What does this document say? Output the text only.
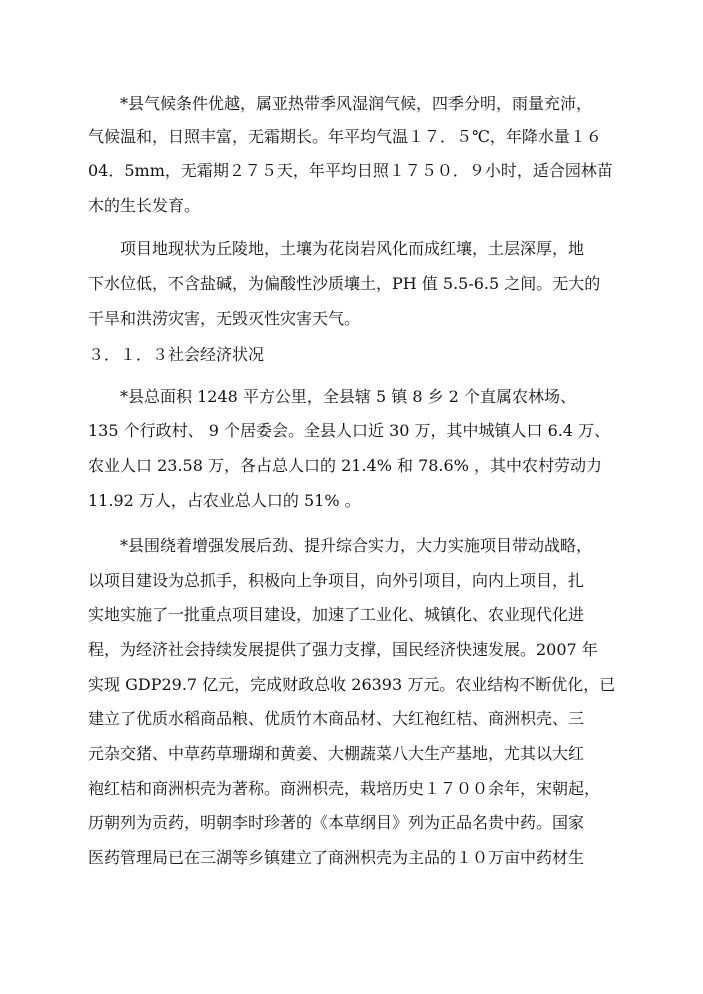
*县气候条件优越，属亚热带季风湿润气候，四季分明，雨量充沛，
气候温和，日照丰富，无霜期长。年平均气温１７．５℃，年降水量１６
04．5mm，无霜期２７５天，年平均日照１７５０．９小时，适合园林苗
木的生长发育。
项目地现状为丘陵地，土壤为花岗岩风化而成红壤，土层深厚，地
下水位低，不含盐碱，为偏酸性沙质壤土，PH 值 5.5-6.5 之间。无大的
干旱和洪涝灾害，无毁灭性灾害天气。
３．１．３社会经济状况
*县总面积 1248 平方公里，全县辖 5 镇 8 乡 2 个直属农林场、
135 个行政村、 9 个居委会。全县人口近 30 万，其中城镇人口 6.4 万、
农业人口 23.58 万，各占总人口的 21.4% 和 78.6% ，其中农村劳动力
11.92 万人，占农业总人口的 51% 。
*县围绕着增强发展后劲、提升综合实力，大力实施项目带动战略，
以项目建设为总抓手，积极向上争项目，向外引项目，向内上项目，扎
实地实施了一批重点项目建设，加速了工业化、城镇化、农业现代化进
程，为经济社会持续发展提供了强力支撑，国民经济快速发展。2007 年
实现 GDP29.7 亿元，完成财政总收 26393 万元。农业结构不断优化，已
建立了优质水稻商品粮、优质竹木商品材、大红袍红桔、商洲枳壳、三
元杂交猪、中草药草珊瑚和黄姜、大棚蔬菜八大生产基地，尤其以大红
袍红桔和商洲枳壳为著称。商洲枳壳，栽培历史１７００余年，宋朝起，
历朝列为贡药，明朝李时珍著的《本草纲目》列为正品名贵中药。国家
医药管理局已在三湖等乡镇建立了商洲枳壳为主品的１０万亩中药材生
